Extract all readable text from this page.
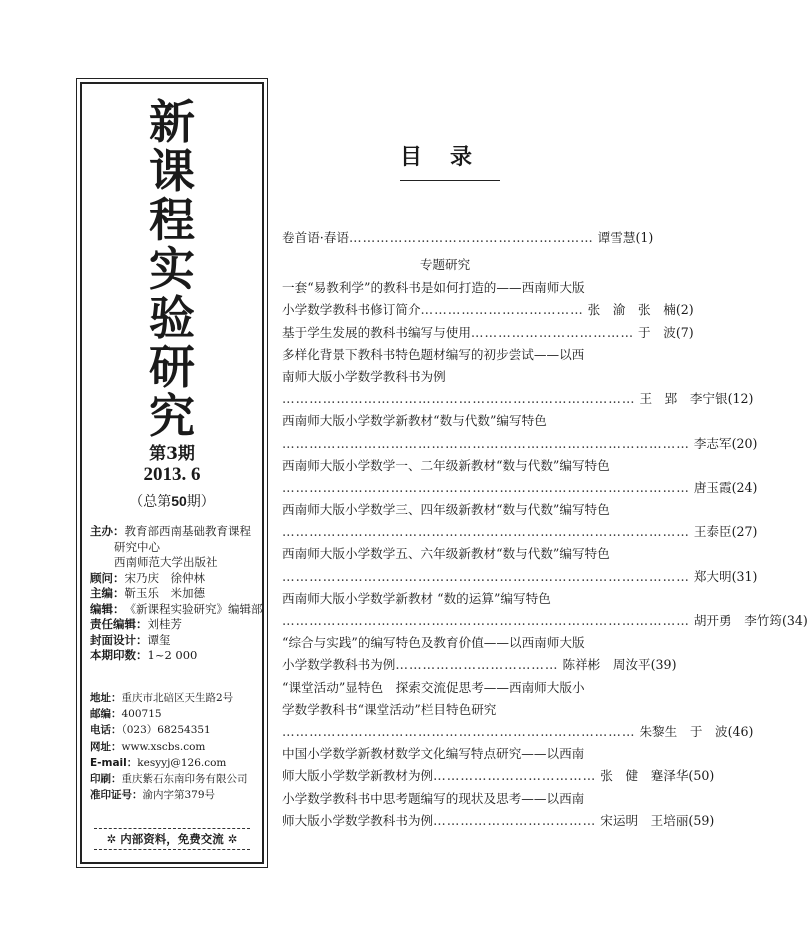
新
课
程
实
验
研
究
第3期
2013. 6
（总第50期）
主办： 教育部西南基础教育课程
研究中心
西南师范大学出版社
顾问： 宋乃庆　徐仲林
主编： 靳玉乐　米加德
编辑： 《新课程实验研究》编辑部
责任编辑： 刘桂芳
封面设计： 谭玺
本期印数： 1~2 000
地址：重庆市北碚区天生路2号
邮编：400715
电话：（023）68254351
网址：www.xscbs.com
E-mail：kesyyj@126.com
印刷：重庆紫石东南印务有限公司
准印证号：渝内字第379号
✲ 内部资料，免费交流 ✲
目录
卷首语·春语 ……………………………………………… 谭雪慧(1)
专题研究
一套“易教利学”的教科书是如何打造的——西南师大版
小学数学教科书修订简介 ……………………………… 张　渝　张　楠(2)
基于学生发展的教科书编写与使用 ……………………………… 于　波(7)
多样化背景下教科书特色题材编写的初步尝试——以西
南师大版小学数学教科书为例
…………………………………………………………………… 王　郢　李宁银(12)
西南师大版小学数学新教材“数与代数”编写特色
……………………………………………………………………………… 李志军(20)
西南师大版小学数学一、二年级新教材“数与代数”编写特色
……………………………………………………………………………… 唐玉霞(24)
西南师大版小学数学三、四年级新教材“数与代数”编写特色
……………………………………………………………………………… 王泰臣(27)
西南师大版小学数学五、六年级新教材“数与代数”编写特色
……………………………………………………………………………… 郑大明(31)
西南师大版小学数学新教材 “数的运算”编写特色
……………………………………………………………………………… 胡开勇　李竹筠(34)
“综合与实践”的编写特色及教育价值——以西南师大版
小学数学教科书为例 ……………………………… 陈祥彬　周汝平(39)
“课堂活动”显特色　探索交流促思考——西南师大版小
学数学教科书“课堂活动”栏目特色研究
…………………………………………………………………… 朱黎生　于　波(46)
中国小学数学新教材数学文化编写特点研究——以西南
师大版小学数学新教材为例 ……………………………… 张　健　蹇泽华(50)
小学数学教科书中思考题编写的现状及思考——以西南
师大版小学数学教科书为例 ……………………………… 宋运明　王培丽(59)
